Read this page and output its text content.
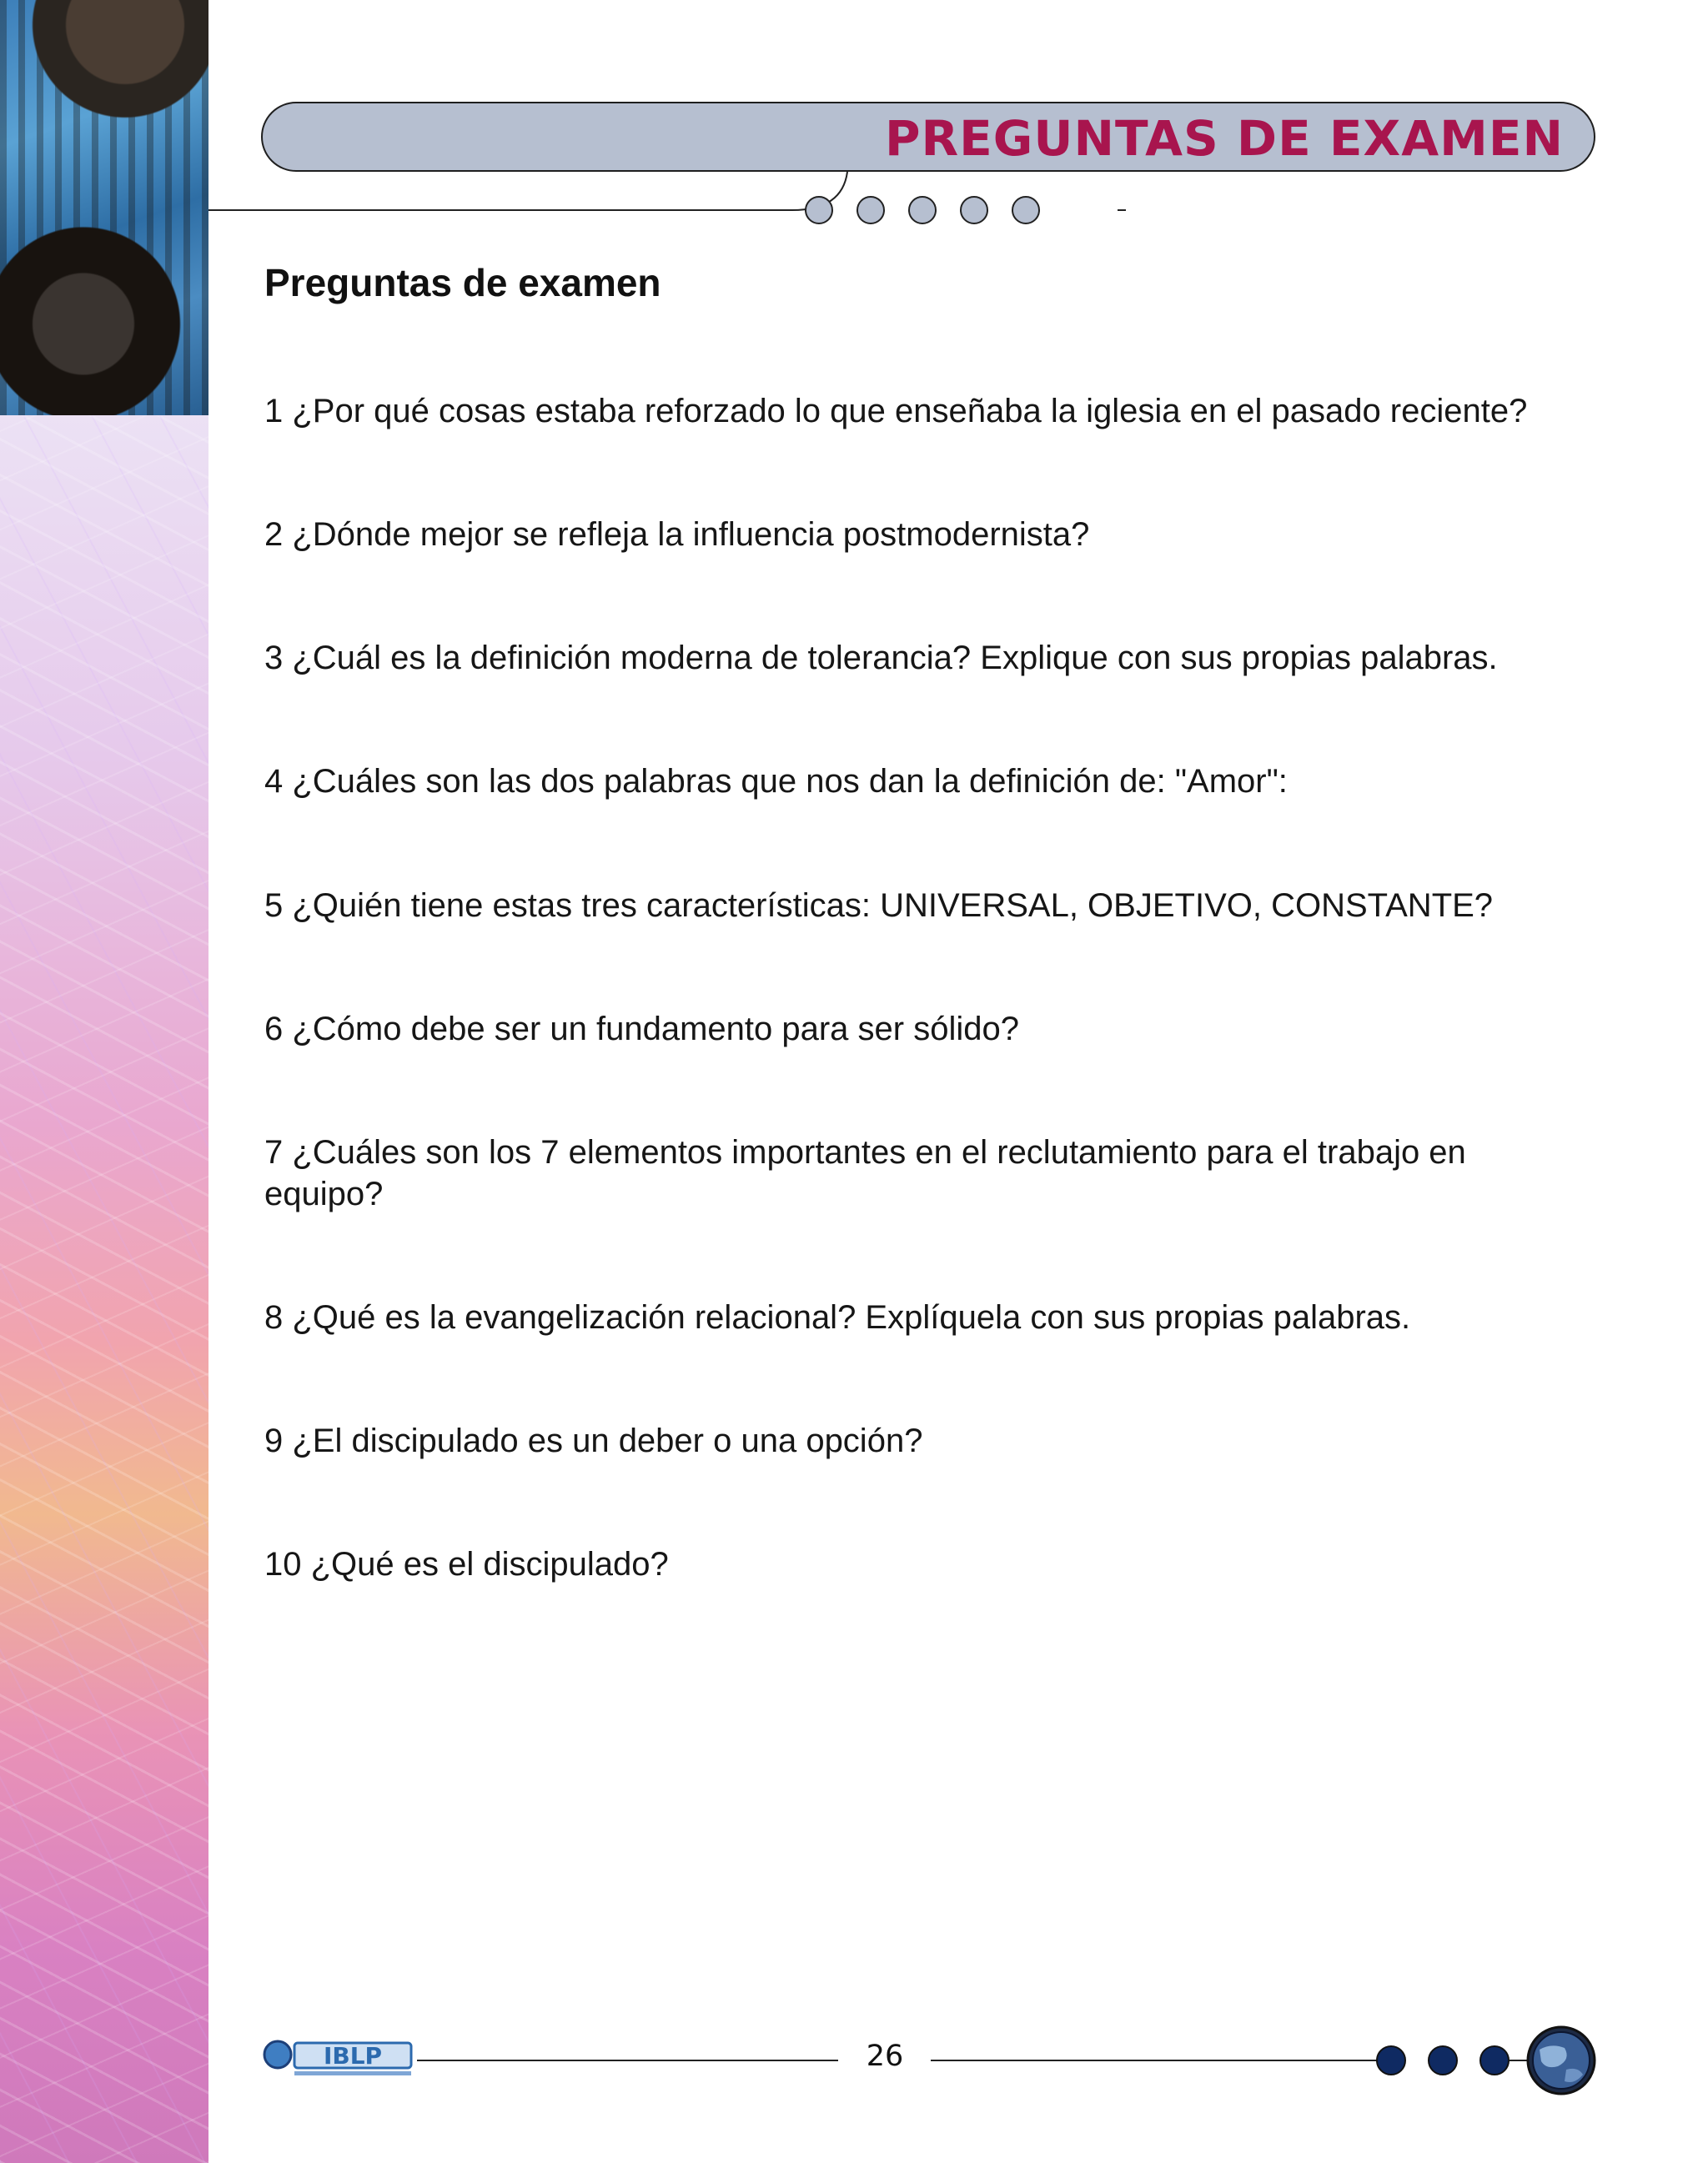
PREGUNTAS DE EXAMEN
Preguntas de examen
1 ¿Por qué cosas estaba reforzado lo que enseñaba la iglesia en el pasado reciente?
2 ¿Dónde mejor se refleja la influencia postmodernista?
3 ¿Cuál es la definición moderna de tolerancia? Explique con sus propias palabras.
4 ¿Cuáles son las dos palabras que nos dan la definición de: "Amor":
5 ¿Quién tiene estas tres características: UNIVERSAL, OBJETIVO, CONSTANTE?
6 ¿Cómo debe ser un fundamento para ser sólido?
7 ¿Cuáles son los 7 elementos importantes en el reclutamiento para el trabajo en equipo?
8 ¿Qué es la evangelización relacional? Explíquela con sus propias palabras.
9 ¿El discipulado es un deber o una opción?
10 ¿Qué es el discipulado?
IBLP	26
